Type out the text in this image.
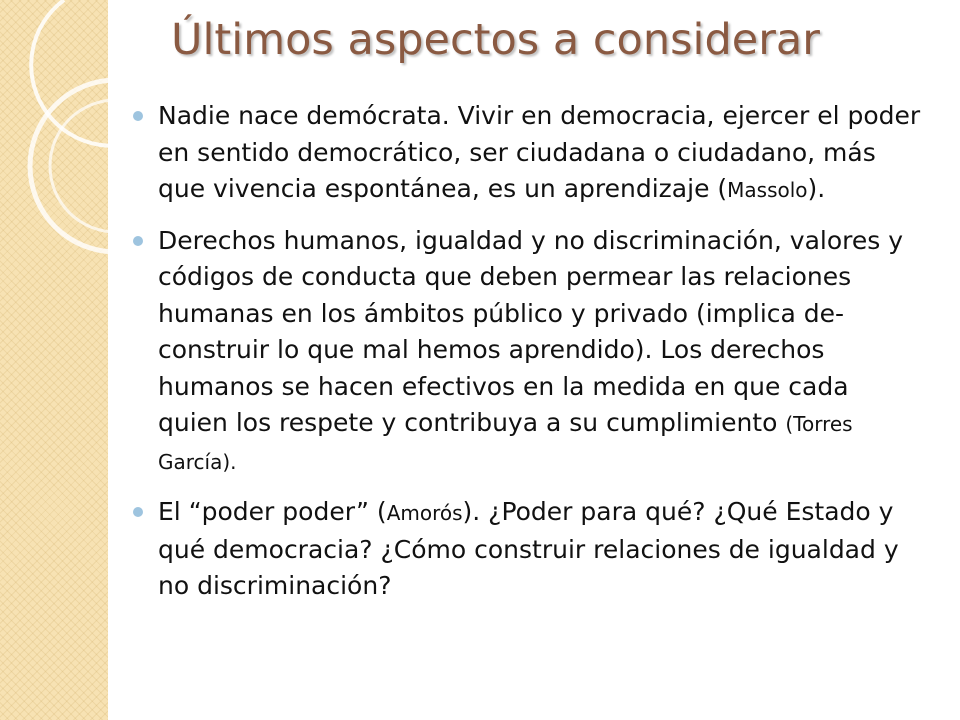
Últimos aspectos a considerar
Nadie nace demócrata. Vivir en democracia, ejercer el poder en sentido democrático, ser ciudadana o ciudadano, más que vivencia espontánea, es un aprendizaje (Massolo).
Derechos humanos, igualdad y no discriminación, valores y códigos de conducta que deben permear las relaciones humanas en los ámbitos público y privado (implica de-construir lo que mal hemos aprendido). Los derechos humanos se hacen efectivos en la medida en que cada quien los respete y contribuya a su cumplimiento (Torres García).
El “poder poder” (Amorós). ¿Poder para qué? ¿Qué Estado y qué democracia? ¿Cómo construir relaciones de igualdad y no discriminación?
